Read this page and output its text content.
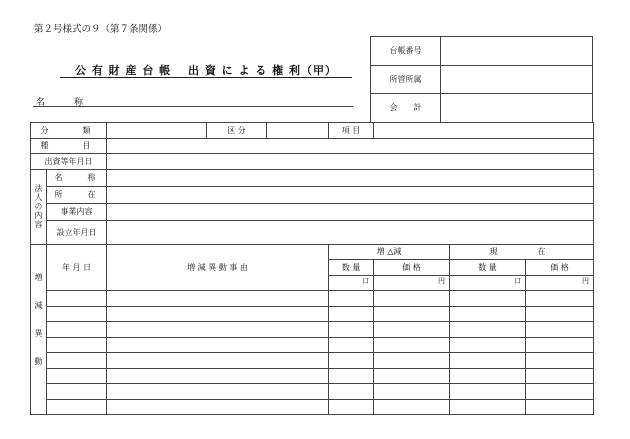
第２号様式の９（第７条関係）
公 有 財 産 台 帳　 出 資 に よ る 権 利（甲）
名　称
台帳番号	
所管所属	
会　　計	
分　　類			区 分		項 目			
種　　目								
出資等年月日								
法人の内容	名　　称							
	所　　在							
	事業内容							
	設立年月日							
増減異動	年 月 日	増 減 異 動 事 由			増 △減		現　　在	
					数 量	価 格	数 量	価 格
					口	円	口	円
